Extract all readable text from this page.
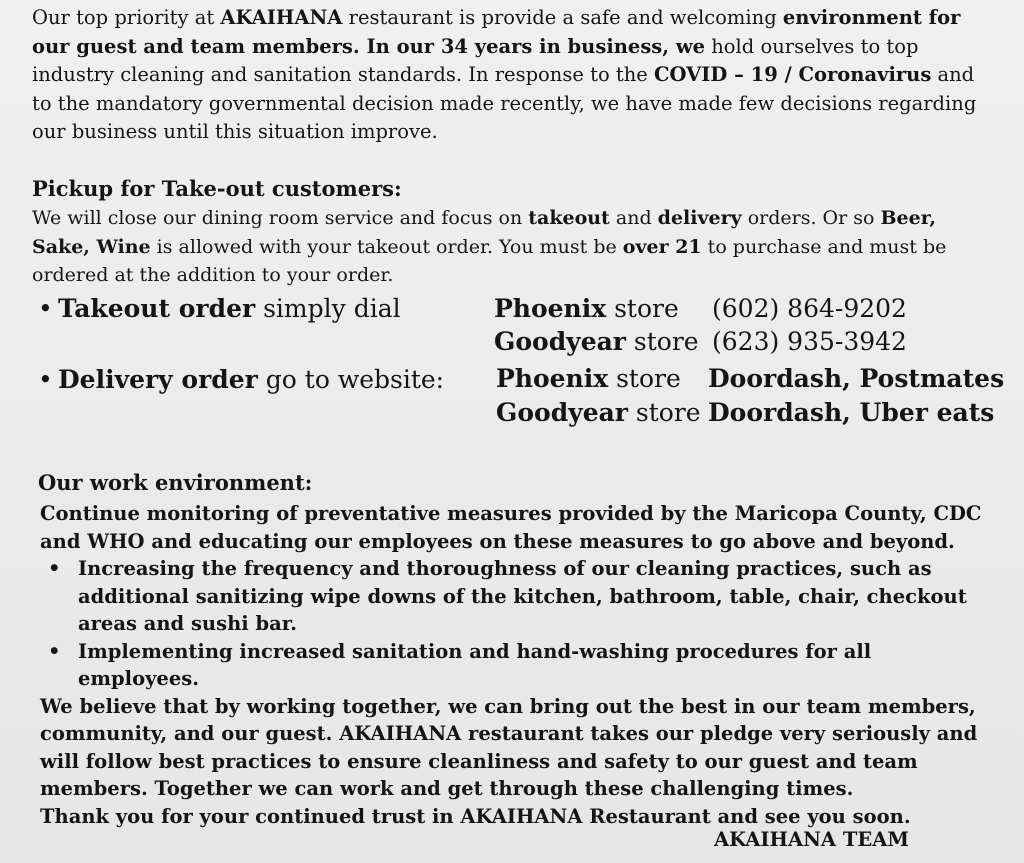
Our top priority at AKAIHANA restaurant is provide a safe and welcoming environment for our guest and team members. In our 34 years in business, we hold ourselves to top industry cleaning and sanitation standards. In response to the COVID – 19 / Coronavirus and to the mandatory governmental decision made recently, we have made few decisions regarding our business until this situation improve.
Pickup for Take-out customers:
We will close our dining room service and focus on takeout and delivery orders. Or so Beer, Sake, Wine is allowed with your takeout order. You must be over 21 to purchase and must be ordered at the addition to your order.
• Takeout order simply dial
• Delivery order go to website:
Phoenix store (602) 864-9202
Goodyear store (623) 935-3942
Phoenix store Doordash, Postmates
Goodyear store Doordash, Uber eats
Our work environment:

Continue monitoring of preventative measures provided by the Maricopa County, CDC and WHO and educating our employees on these measures to go above and beyond.

• Increasing the frequency and thoroughness of our cleaning practices, such as additional sanitizing wipe downs of the kitchen, bathroom, table, chair, checkout areas and sushi bar.
• Implementing increased sanitation and hand-washing procedures for all employees.

We believe that by working together, we can bring out the best in our team members, community, and our guest. AKAIHANA restaurant takes our pledge very seriously and will follow best practices to ensure cleanliness and safety to our guest and team members. Together we can work and get through these challenging times.

Thank you for your continued trust in AKAIHANA Restaurant and see you soon.

AKAIHANA TEAM
